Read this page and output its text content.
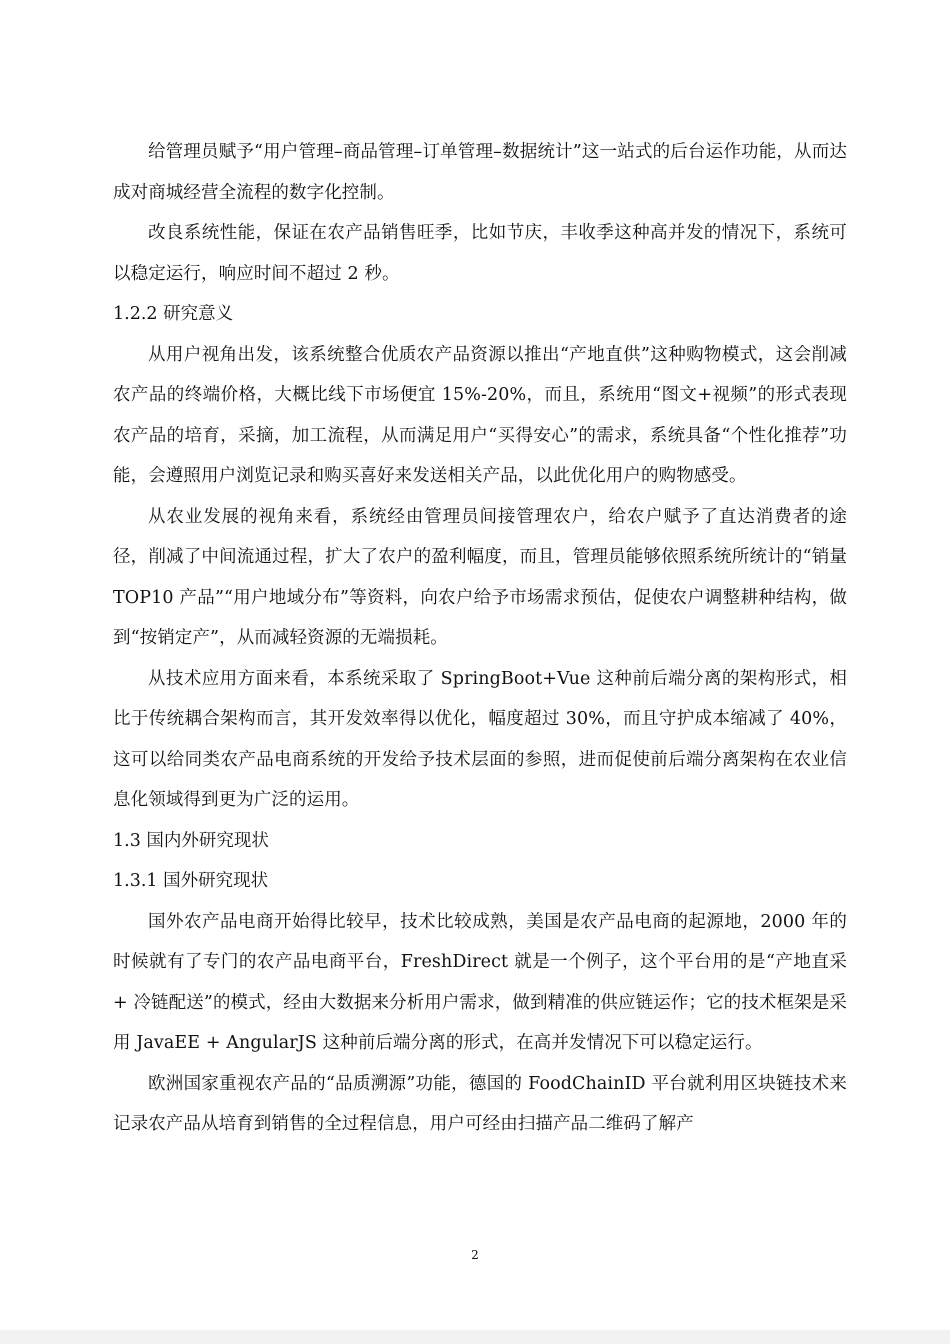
给管理员赋予“用户管理–商品管理–订单管理–数据统计”这一站式的后台运作功能，从而达成对商城经营全流程的数字化控制。

改良系统性能，保证在农产品销售旺季，比如节庆，丰收季这种高并发的情况下，系统可以稳定运行，响应时间不超过 2 秒。

1.2.2 研究意义

从用户视角出发，该系统整合优质农产品资源以推出“产地直供”这种购物模式，这会削减农产品的终端价格，大概比线下市场便宜 15%-20%，而且，系统用“图文+视频”的形式表现农产品的培育，采摘，加工流程，从而满足用户“买得安心”的需求，系统具备“个性化推荐”功能，会遵照用户浏览记录和购买喜好来发送相关产品，以此优化用户的购物感受。

从农业发展的视角来看，系统经由管理员间接管理农户，给农户赋予了直达消费者的途径，削减了中间流通过程，扩大了农户的盈利幅度，而且，管理员能够依照系统所统计的“销量 TOP10 产品”“用户地域分布”等资料，向农户给予市场需求预估，促使农户调整耕种结构，做到“按销定产”，从而减轻资源的无端损耗。

从技术应用方面来看，本系统采取了 SpringBoot+Vue 这种前后端分离的架构形式，相比于传统耦合架构而言，其开发效率得以优化，幅度超过 30%，而且守护成本缩减了 40%，这可以给同类农产品电商系统的开发给予技术层面的参照，进而促使前后端分离架构在农业信息化领域得到更为广泛的运用。

1.3 国内外研究现状

1.3.1 国外研究现状

国外农产品电商开始得比较早，技术比较成熟，美国是农产品电商的起源地，2000 年的时候就有了专门的农产品电商平台，FreshDirect 就是一个例子，这个平台用的是“产地直采 + 冷链配送”的模式，经由大数据来分析用户需求，做到精准的供应链运作；它的技术框架是采用 JavaEE + AngularJS 这种前后端分离的形式，在高并发情况下可以稳定运行。

欧洲国家重视农产品的“品质溯源”功能，德国的 FoodChainID 平台就利用区块链技术来记录农产品从培育到销售的全过程信息，用户可经由扫描产品二维码了解产

2
